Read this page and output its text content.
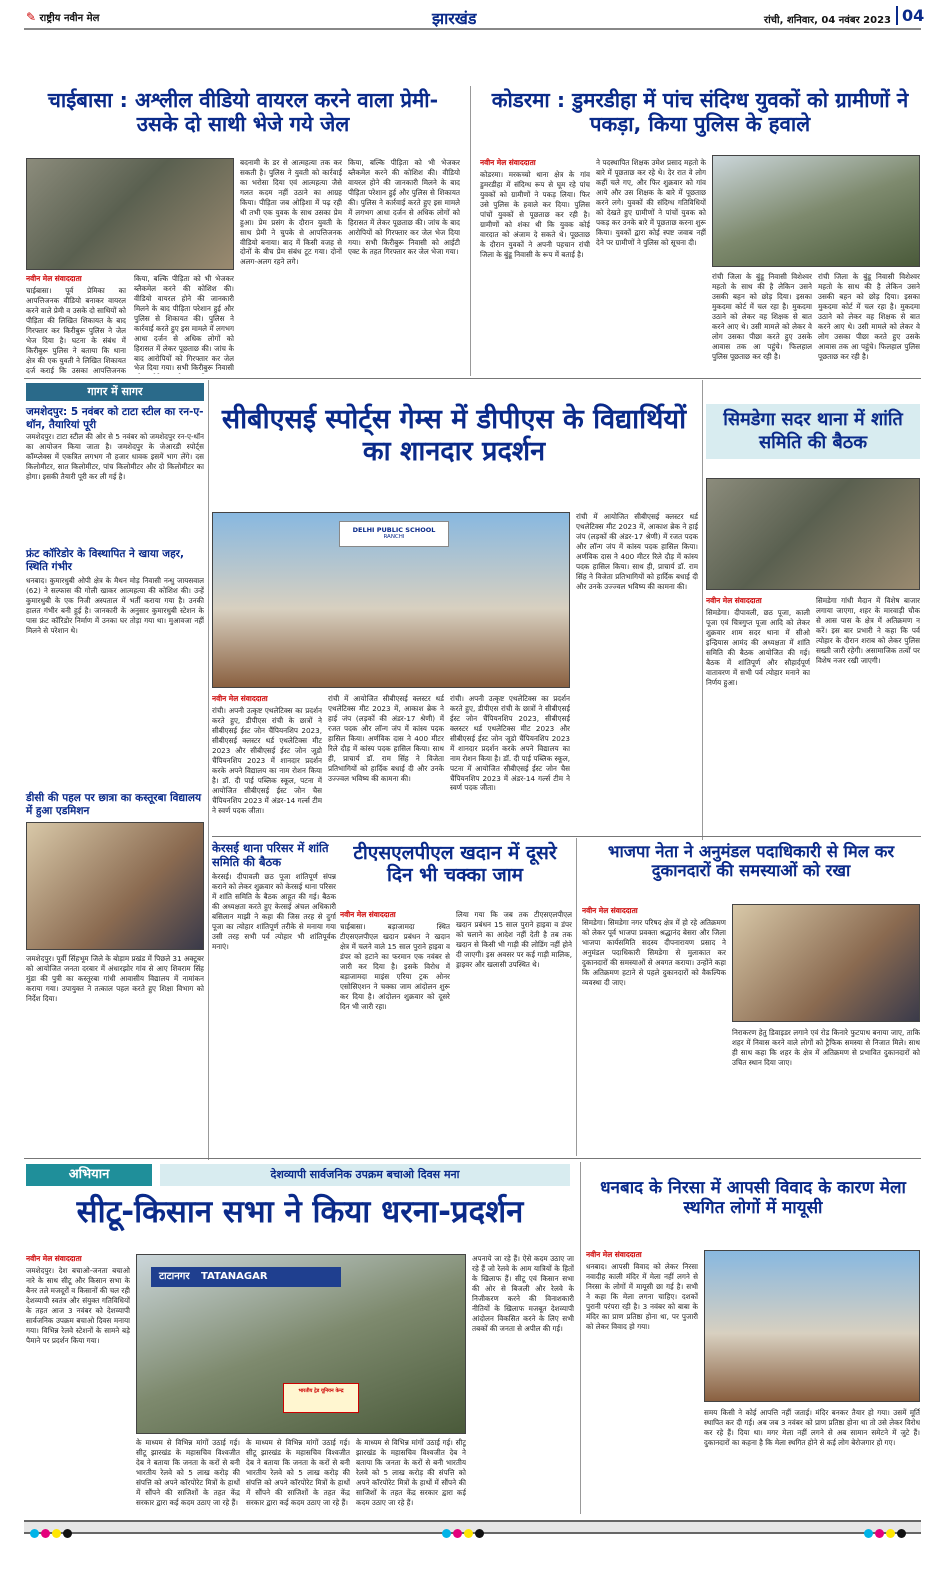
✎ राष्ट्रीय नवीन मेल	झारखंड	रांची, शनिवार, 04 नवंबर 2023 04
चाईबासा : अश्लील वीडियो वायरल करने वाला प्रेमी-उसके दो साथी भेजे गये जेल
नवीन मेल संवाददाता
चाईबासा। पूर्व प्रेमिका का आपत्तिजनक वीडियो बनाकर वायरल करने वाले प्रेमी व उसके दो साथियों को पीड़िता की लिखित शिकायत के बाद गिरफ्तार कर किरीबुरू पुलिस ने जेल भेज दिया है। घटना के संबंध में किरीबुरू पुलिस ने बताया कि थाना क्षेत्र की एक युवती ने लिखित शिकायत दर्ज कराई कि उसका आपत्तिजनक
किया, बल्कि पीड़िता को भी भेजकर ब्लैकमेल करने की कोशिश की। वीडियो वायरल होने की जानकारी मिलने के बाद पीड़िता परेशान हुई और पुलिस से शिकायत की। पुलिस ने कार्रवाई करते हुए इस मामले में लगभग आधा दर्जन से अधिक लोगों को हिरासत में लेकर पूछताछ की। जांच के बाद आरोपियों को गिरफ्तार कर जेल भेज दिया गया। सभी किरीबुरू निवासी
बदनामी के डर से आत्महत्या तक कर सकती है। पुलिस ने युवती को कार्रवाई का भरोसा दिया एवं आत्महत्या जैसे गलत कदम नहीं उठाने का आग्रह किया। पीड़िता जब ओड़िशा में पढ़ रही थी तभी एक युवक के साथ उसका प्रेम हुआ। प्रेम प्रसंग के दौरान युवती के साथ प्रेमी ने चुपके से आपत्तिजनक वीडियो बनाया। बाद में किसी वजह से दोनों के बीच प्रेम संबंध टूट गया। दोनों अलग-अलग रहने लगे।
किया, बल्कि पीड़िता को भी भेजकर ब्लैकमेल करने की कोशिश की। वीडियो वायरल होने की जानकारी मिलने के बाद पीड़िता परेशान हुई और पुलिस से शिकायत की। पुलिस ने कार्रवाई करते हुए इस मामले में लगभग आधा दर्जन से अधिक लोगों को हिरासत में लेकर पूछताछ की। जांच के बाद आरोपियों को गिरफ्तार कर जेल भेज दिया गया। सभी किरीबुरू निवासी को आईटी एक्ट के तहत गिरफ्तार कर जेल भेजा गया।
कोडरमा : डुमरडीहा में पांच संदिग्ध युवकों को ग्रामीणों ने पकड़ा, किया पुलिस के हवाले
नवीन मेल संवाददाता
कोडरमा। मरकच्चो थाना क्षेत्र के गांव डुमरडीहा में संदिग्ध रूप से घूम रहे पांच युवकों को ग्रामीणों ने पकड़ लिया। फिर उसे पुलिस के हवाले कर दिया। पुलिस पांचों युवकों से पूछताछ कर रही है। ग्रामीणों को शंका थी कि युवक कोई वारदात को अंजाम दे सकते थे। पूछताछ के दौरान युवकों ने अपनी पहचान रांची जिला के बुंडू निवासी के रूप में बताई है।
ने पदस्थापित शिक्षक उमेश प्रसाद महतो के बारे में पूछताछ कर रहे थे। देर रात वे लोग कहीं चले गए, और फिर शुक्रवार को गांव आये और उस शिक्षक के बारे में पूछताछ करने लगे। युवकों की संदिग्ध गतिविधियों को देखते हुए ग्रामीणों ने पांचों युवक को पकड़ कर उनके बारे में पूछताछ करना शुरू किया। युवकों द्वारा कोई स्पष्ट जवाब नहीं देने पर ग्रामीणों ने पुलिस को सूचना दी।
रांची जिला के बुंडू निवासी विशेश्वर महतो के साथ की है लेकिन उसने उसकी बहन को छोड़ दिया। इसका मुकदमा कोर्ट में चल रहा है। मुकदमा उठाने को लेकर वह शिक्षक से बात करने आए थे। उसी मामले को लेकर वे लोग उसका पीछा करते हुए उसके आवास तक आ पहुंचे। फिलहाल पुलिस पूछताछ कर रही है।
रांची जिला के बुंडू निवासी विशेश्वर महतो के साथ की है लेकिन उसने उसकी बहन को छोड़ दिया। इसका मुकदमा कोर्ट में चल रहा है। मुकदमा उठाने को लेकर वह शिक्षक से बात करने आए थे। उसी मामले को लेकर वे लोग उसका पीछा करते हुए उसके आवास तक आ पहुंचे। फिलहाल पुलिस पूछताछ कर रही है।
गागर में सागर
जमशेदपुर: 5 नवंबर को टाटा स्टील का रन-ए-थॉन, तैयारियां पूरी
जमशेदपुर। टाटा स्टील की ओर से 5 नवंबर को जमशेदपुर रन-ए-थॉन का आयोजन किया जाता है। जमशेदपुर के जेआरडी स्पोर्ट्स कॉम्प्लेक्स में एकत्रित लगभग नौ हजार धावक इसमें भाग लेंगे। दस किलोमीटर, सात किलोमीटर, पांच किलोमीटर और दो किलोमीटर का होगा। इसकी तैयारी पूरी कर ली गई है।
फ्रंट कॉरिडोर के विस्थापित ने खाया जहर, स्थिति गंभीर
धनबाद। कुमारधुबी ओपी क्षेत्र के मैथन मोड़ निवासी नन्धु जायसवाल (62) ने सल्फास की गोली खाकर आत्महत्या की कोशिश की। उन्हें कुमारधुबी के एक निजी अस्पताल में भर्ती कराया गया है। उनकी हालत गंभीर बनी हुई है। जानकारी के अनुसार कुमारधुबी स्टेशन के पास फ्रंट कॉरिडोर निर्माण में उनका घर तोड़ा गया था। मुआवजा नहीं मिलने से परेशान थे।
डीसी की पहल पर छात्रा का कस्तूरबा विद्यालय में हुआ एडमिशन
जमशेदपुर। पूर्वी सिंहभूम जिले के बोड़ाम प्रखंड में पिछले 31 अक्टूबर को आयोजित जनता दरबार में अंधारझोर गांव से आए शिवराम सिंह मुंडा की पुत्री का कस्तूरबा गांधी आवासीय विद्यालय में नामांकन कराया गया। उपायुक्त ने तत्काल पहल करते हुए शिक्षा विभाग को निर्देश दिया।
सीबीएसई स्पोर्ट्स गेम्स में डीपीएस के विद्यार्थियों का शानदार प्रदर्शन
DELHI PUBLIC SCHOOL
RANCHI
नवीन मेल संवाददाता
रांची। अपनी उत्कृष्ट एथलेटिक्स का प्रदर्शन करते हुए, डीपीएस रांची के छात्रों ने सीबीएसई ईस्ट जोन चैंपियनशिप 2023, सीबीएसई क्लस्टर थर्ड एथलेटिक्स मीट 2023 और सीबीएसई ईस्ट जोन जूडो चैंपियनशिप 2023 में शानदार प्रदर्शन करके अपने विद्यालय का नाम रोशन किया है। डॉ. दी पाई पब्लिक स्कूल, पटना में आयोजित सीबीएसई ईस्ट जोन चैस चैंपियनशिप 2023 में अंडर-14 गर्ल्स टीम ने स्वर्ण पदक जीता।
रांची में आयोजित सीबीएसई क्लस्टर थर्ड एथलेटिक्स मीट 2023 में, आकाश ब्रेक ने हाई जंप (लड़कों की अंडर-17 श्रेणी) में रजत पदक और लॉन्ग जंप में कांस्य पदक हासिल किया। अर्णविक दास ने 400 मीटर रिले दौड़ में कांस्य पदक हासिल किया। साथ ही, प्राचार्य डॉ. राम सिंह ने विजेता प्रतिभागियों को हार्दिक बधाई दी और उनके उज्ज्वल भविष्य की कामना की।
रांची। अपनी उत्कृष्ट एथलेटिक्स का प्रदर्शन करते हुए, डीपीएस रांची के छात्रों ने सीबीएसई ईस्ट जोन चैंपियनशिप 2023, सीबीएसई क्लस्टर थर्ड एथलेटिक्स मीट 2023 और सीबीएसई ईस्ट जोन जूडो चैंपियनशिप 2023 में शानदार प्रदर्शन करके अपने विद्यालय का नाम रोशन किया है। डॉ. दी पाई पब्लिक स्कूल, पटना में आयोजित सीबीएसई ईस्ट जोन चैस चैंपियनशिप 2023 में अंडर-14 गर्ल्स टीम ने स्वर्ण पदक जीता।
रांची में आयोजित सीबीएसई क्लस्टर थर्ड एथलेटिक्स मीट 2023 में, आकाश ब्रेक ने हाई जंप (लड़कों की अंडर-17 श्रेणी) में रजत पदक और लॉन्ग जंप में कांस्य पदक हासिल किया। अर्णविक दास ने 400 मीटर रिले दौड़ में कांस्य पदक हासिल किया। साथ ही, प्राचार्य डॉ. राम सिंह ने विजेता प्रतिभागियों को हार्दिक बधाई दी और उनके उज्ज्वल भविष्य की कामना की।
सिमडेगा सदर थाना में शांति समिति की बैठक
नवीन मेल संवाददाता
सिमडेगा। दीपावली, छठ पूजा, काली पूजा एवं चित्रगुप्त पूजा आदि को लेकर शुक्रवार शाम सदर थाना में सीओ इन्द्रियास आमंद की अध्यक्षता में शांति समिति की बैठक आयोजित की गई। बैठक में शांतिपूर्ण और सौहार्दपूर्ण वातावरण में सभी पर्व त्योहार मनाने का निर्णय हुआ।
सिमडेगा गांधी मैदान में विशेष बाजार लगाया जाएगा, शहर के मारवाड़ी चौक से आस पास के क्षेत्र में अतिक्रमण न करें। इस बार प्रभारी ने कहा कि पर्व त्योहार के दौरान शराब को लेकर पुलिस सख्ती जारी रहेगी। असामाजिक तत्वों पर विशेष नजर रखी जाएगी।
केरसई थाना परिसर में शांति समिति की बैठक
केरसई। दीपावली छठ पूजा शांतिपूर्ण संपन्न कराने को लेकर शुक्रवार को केरसई थाना परिसर में शांति समिति के बैठक आहूत की गई। बैठक की अध्यक्षता करते हुए केरसई अंचल अधिकारी बसिलान माझी ने कहा की जिस तरह से दुर्गा पूजा का त्योहार शांतिपूर्ण तरीके से मनाया गया उसी तरह सभी पर्व त्योहार भी शांतिपूर्वक मनाएं।
टीएसएलपीएल खदान में दूसरे दिन भी चक्का जाम
नवीन मेल संवाददाता
चाईबासा। बड़ाजामदा स्थित टीएसएलपीएल खदान प्रबंधन ने खदान क्षेत्र में चलने वाले 15 साल पुराने हाइवा व डंपर को हटाने का फरमान एक नवंबर से जारी कर दिया है। इसके विरोध में बड़ाजामदा माइंस एरिया ट्रक ओनर एसोसिएशन ने चक्का जाम आंदोलन शुरू कर दिया है। आंदोलन शुक्रवार को दूसरे दिन भी जारी रहा।
लिया गया कि जब तक टीएसएलपीएल खदान प्रबंधन 15 साल पुराने हाइवा व डंपर को चलाने का आदेश नहीं देती है तब तक खदान से किसी भी गाड़ी की लोडिंग नहीं होने दी जाएगी। इस अवसर पर कई गाड़ी मालिक, ड्राइवर और खलासी उपस्थित थे।
भाजपा नेता ने अनुमंडल पदाधिकारी से मिल कर दुकानदारों की समस्याओं को रखा
नवीन मेल संवाददाता
सिमडेगा। सिमडेगा नगर परिषद क्षेत्र में हो रहे अतिक्रमण को लेकर पूर्व भाजपा प्रवक्ता श्रद्धानंद बेसरा और जिला भाजपा कार्यसमिति सदस्य दीपनारायण प्रसाद ने अनुमंडल पदाधिकारी सिमडेगा से मुलाकात कर दुकानदारों की समस्याओं से अवगत कराया। उन्होंने कहा कि अतिक्रमण हटाने से पहले दुकानदारों को वैकल्पिक व्यवस्था दी जाए।
निराकरण हेतु डिवाइडर लगाने एवं रोड किनारे फुटपाथ बनाया जाए, ताकि शहर में निवास करने वाले लोगों को ट्रैफिक समस्या से निजात मिले। साथ ही साथ कहा कि शहर के क्षेत्र में अतिक्रमण से प्रभावित दुकानदारों को उचित स्थान दिया जाए।
अभियान	देशव्यापी सार्वजनिक उपक्रम बचाओ दिवस मना
सीटू-किसान सभा ने किया धरना-प्रदर्शन
नवीन मेल संवाददाता
जमशेदपुर। देश बचाओ-जनता बचाओ नारे के साथ सीटू और किसान सभा के बैनर तले मजदूरों व किसानों की चल रही देशव्यापी स्वतंत्र और संयुक्त गतिविधियों के तहत आज 3 नवंबर को देशव्यापी सार्वजनिक उपक्रम बचाओ दिवस मनाया गया। विभिन्न रेलवे स्टेशनों के सामने बड़े पैमाने पर प्रदर्शन किया गया।
टाटानगर TATANAGAR
भारतीय ट्रेड यूनियन केन्द्र
के माध्यम से विभिन्न मांगों उठाई गई। सीटू झारखंड के महासचिव विश्वजीत देब ने बताया कि जनता के करों से बनी भारतीय रेलवे को 5 लाख करोड़ की संपत्ति को अपने कॉरपोरेट मित्रों के हाथों में सौंपने की साजिशों के तहत केंद्र सरकार द्वारा कई कदम उठाए जा रहे हैं।
के माध्यम से विभिन्न मांगों उठाई गई। सीटू झारखंड के महासचिव विश्वजीत देब ने बताया कि जनता के करों से बनी भारतीय रेलवे को 5 लाख करोड़ की संपत्ति को अपने कॉरपोरेट मित्रों के हाथों में सौंपने की साजिशों के तहत केंद्र सरकार द्वारा कई कदम उठाए जा रहे हैं।
के माध्यम से विभिन्न मांगों उठाई गई। सीटू झारखंड के महासचिव विश्वजीत देब ने बताया कि जनता के करों से बनी भारतीय रेलवे को 5 लाख करोड़ की संपत्ति को अपने कॉरपोरेट मित्रों के हाथों में सौंपने की साजिशों के तहत केंद्र सरकार द्वारा कई कदम उठाए जा रहे हैं।
अपनाये जा रहे हैं। ऐसे कदम उठाए जा रहे हैं जो रेलवे के आम यात्रियों के हितों के खिलाफ हैं। सीटू एवं किसान सभा की ओर से बिजली और रेलवे के निजीकरण करने की विनाशकारी नीतियों के खिलाफ मजबूत देशव्यापी आंदोलन विकसित करने के लिए सभी तबकों की जनता से अपील की गई।
धनबाद के निरसा में आपसी विवाद के कारण मेला स्थगित लोगों में मायूसी
नवीन मेल संवाददाता
धनबाद। आपसी विवाद को लेकर निरसा नवादीह काली मंदिर में मेला नहीं लगने से निरसा के लोगों में मायूसी छा गई है। सभी ने कहा कि मेला लगना चाहिए। दशकों पुरानी परंपरा रही है। 3 नवंबर को बाबा के मंदिर का प्राण प्रतिष्ठा होना था, पर पुजारी को लेकर विवाद हो गया।
समय किसी ने कोई आपत्ति नहीं जताई। मंदिर बनकर तैयार हो गया। उसमें मूर्ति स्थापित कर दी गई। अब जब 3 नवंबर को प्राण प्रतिष्ठा होना था तो उसे लेकर विरोध कर रहे हैं। दिया था। मगर मेला नहीं लगने से अब सामान समेटने में जुटे हैं। दुकानदारों का कहना है कि मेला स्थगित होने से कई लोग बेरोजगार हो गए।
